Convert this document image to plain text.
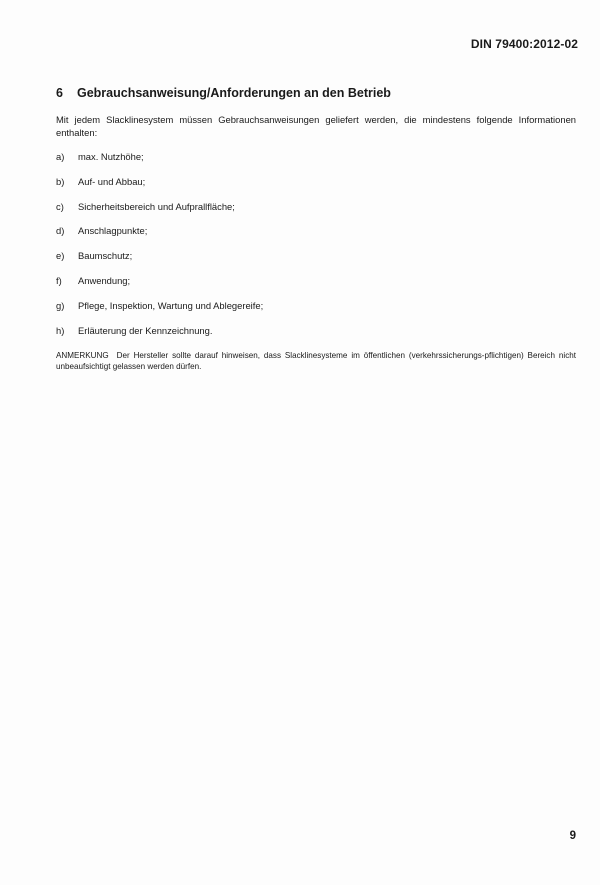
DIN 79400:2012-02
6 Gebrauchsanweisung/Anforderungen an den Betrieb
Mit jedem Slacklinesystem müssen Gebrauchsanweisungen geliefert werden, die mindestens folgende Informationen enthalten:
a) max. Nutzhöhe;
b) Auf- und Abbau;
c) Sicherheitsbereich und Aufprallfläche;
d) Anschlagpunkte;
e) Baumschutz;
f) Anwendung;
g) Pflege, Inspektion, Wartung und Ablegereife;
h) Erläuterung der Kennzeichnung.
ANMERKUNG Der Hersteller sollte darauf hinweisen, dass Slacklinesysteme im öffentlichen (verkehrssicherungs-pflichtigen) Bereich nicht unbeaufsichtigt gelassen werden dürfen.
9
